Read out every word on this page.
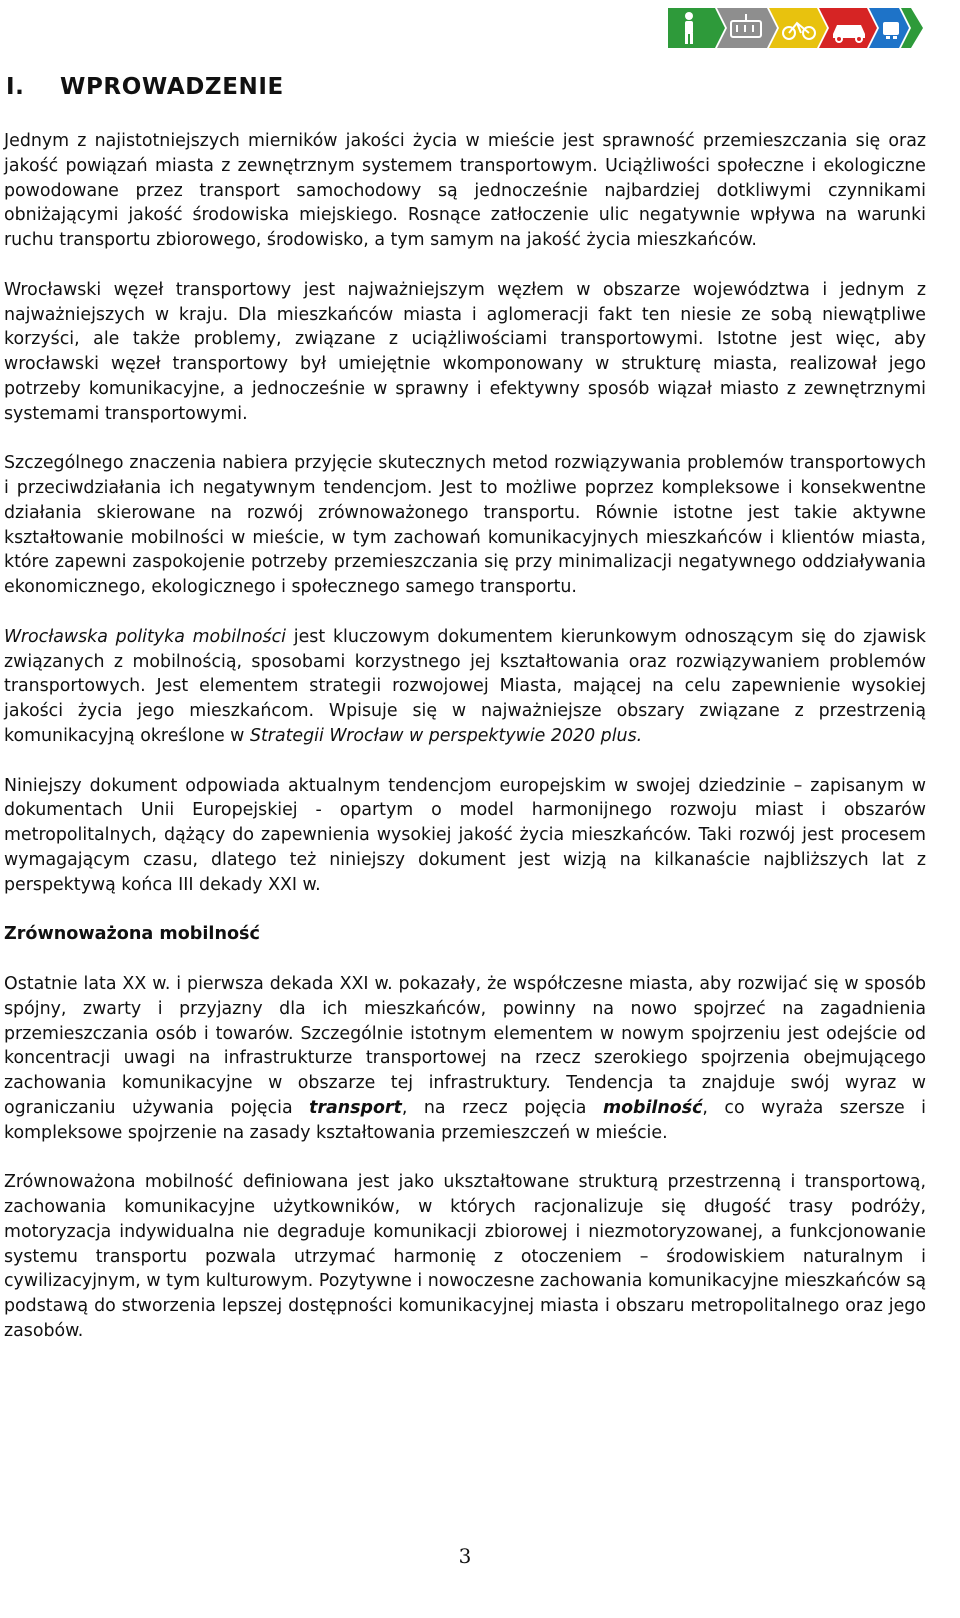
I. WPROWADZENIE

Jednym z najistotniejszych mierników jakości życia w mieście jest sprawność przemieszczania się oraz jakość powiązań miasta z zewnętrznym systemem transportowym. Uciążliwości społeczne i ekologiczne powodowane przez transport samochodowy są jednocześnie najbardziej dotkliwymi czynnikami obniżającymi jakość środowiska miejskiego. Rosnące zatłoczenie ulic negatywnie wpływa na warunki ruchu transportu zbiorowego, środowisko, a tym samym na jakość życia mieszkańców.

Wrocławski węzeł transportowy jest najważniejszym węzłem w obszarze województwa i jednym z najważniejszych w kraju. Dla mieszkańców miasta i aglomeracji fakt ten niesie ze sobą niewątpliwe korzyści, ale także problemy, związane z uciążliwościami transportowymi. Istotne jest więc, aby wrocławski węzeł transportowy był umiejętnie wkomponowany w strukturę miasta, realizował jego potrzeby komunikacyjne, a jednocześnie w sprawny i efektywny sposób wiązał miasto z zewnętrznymi systemami transportowymi.

Szczególnego znaczenia nabiera przyjęcie skutecznych metod rozwiązywania problemów transportowych i przeciwdziałania ich negatywnym tendencjom. Jest to możliwe poprzez kompleksowe i konsekwentne działania skierowane na rozwój zrównoważonego transportu. Równie istotne jest takie aktywne kształtowanie mobilności w mieście, w tym zachowań komunikacyjnych mieszkańców i klientów miasta, które zapewni zaspokojenie potrzeby przemieszczania się przy minimalizacji negatywnego oddziaływania ekonomicznego, ekologicznego i społecznego samego transportu.

Wrocławska polityka mobilności jest kluczowym dokumentem kierunkowym odnoszącym się do zjawisk związanych z mobilnością, sposobami korzystnego jej kształtowania oraz rozwiązywaniem problemów transportowych. Jest elementem strategii rozwojowej Miasta, mającej na celu zapewnienie wysokiej jakości życia jego mieszkańcom. Wpisuje się w najważniejsze obszary związane z przestrzenią komunikacyjną określone w Strategii Wrocław w perspektywie 2020 plus.

Niniejszy dokument odpowiada aktualnym tendencjom europejskim w swojej dziedzinie – zapisanym w dokumentach Unii Europejskiej - opartym o model harmonijnego rozwoju miast i obszarów metropolitalnych, dążący do zapewnienia wysokiej jakość życia mieszkańców. Taki rozwój jest procesem wymagającym czasu, dlatego też niniejszy dokument jest wizją na kilkanaście najbliższych lat z perspektywą końca III dekady XXI w.

Zrównoważona mobilność

Ostatnie lata XX w. i pierwsza dekada XXI w. pokazały, że współczesne miasta, aby rozwijać się w sposób spójny, zwarty i przyjazny dla ich mieszkańców, powinny na nowo spojrzeć na zagadnienia przemieszczania osób i towarów. Szczególnie istotnym elementem w nowym spojrzeniu jest odejście od koncentracji uwagi na infrastrukturze transportowej na rzecz szerokiego spojrzenia obejmującego zachowania komunikacyjne w obszarze tej infrastruktury. Tendencja ta znajduje swój wyraz w ograniczaniu używania pojęcia transport, na rzecz pojęcia mobilność, co wyraża szersze i kompleksowe spojrzenie na zasady kształtowania przemieszczeń w mieście.

Zrównoważona mobilność definiowana jest jako ukształtowane strukturą przestrzenną i transportową, zachowania komunikacyjne użytkowników, w których racjonalizuje się długość trasy podróży, motoryzacja indywidualna nie degraduje komunikacji zbiorowej i niezmotoryzowanej, a funkcjonowanie systemu transportu pozwala utrzymać harmonię z otoczeniem – środowiskiem naturalnym i cywilizacyjnym, w tym kulturowym. Pozytywne i nowoczesne zachowania komunikacyjne mieszkańców są podstawą do stworzenia lepszej dostępności komunikacyjnej miasta i obszaru metropolitalnego oraz jego zasobów.

3
